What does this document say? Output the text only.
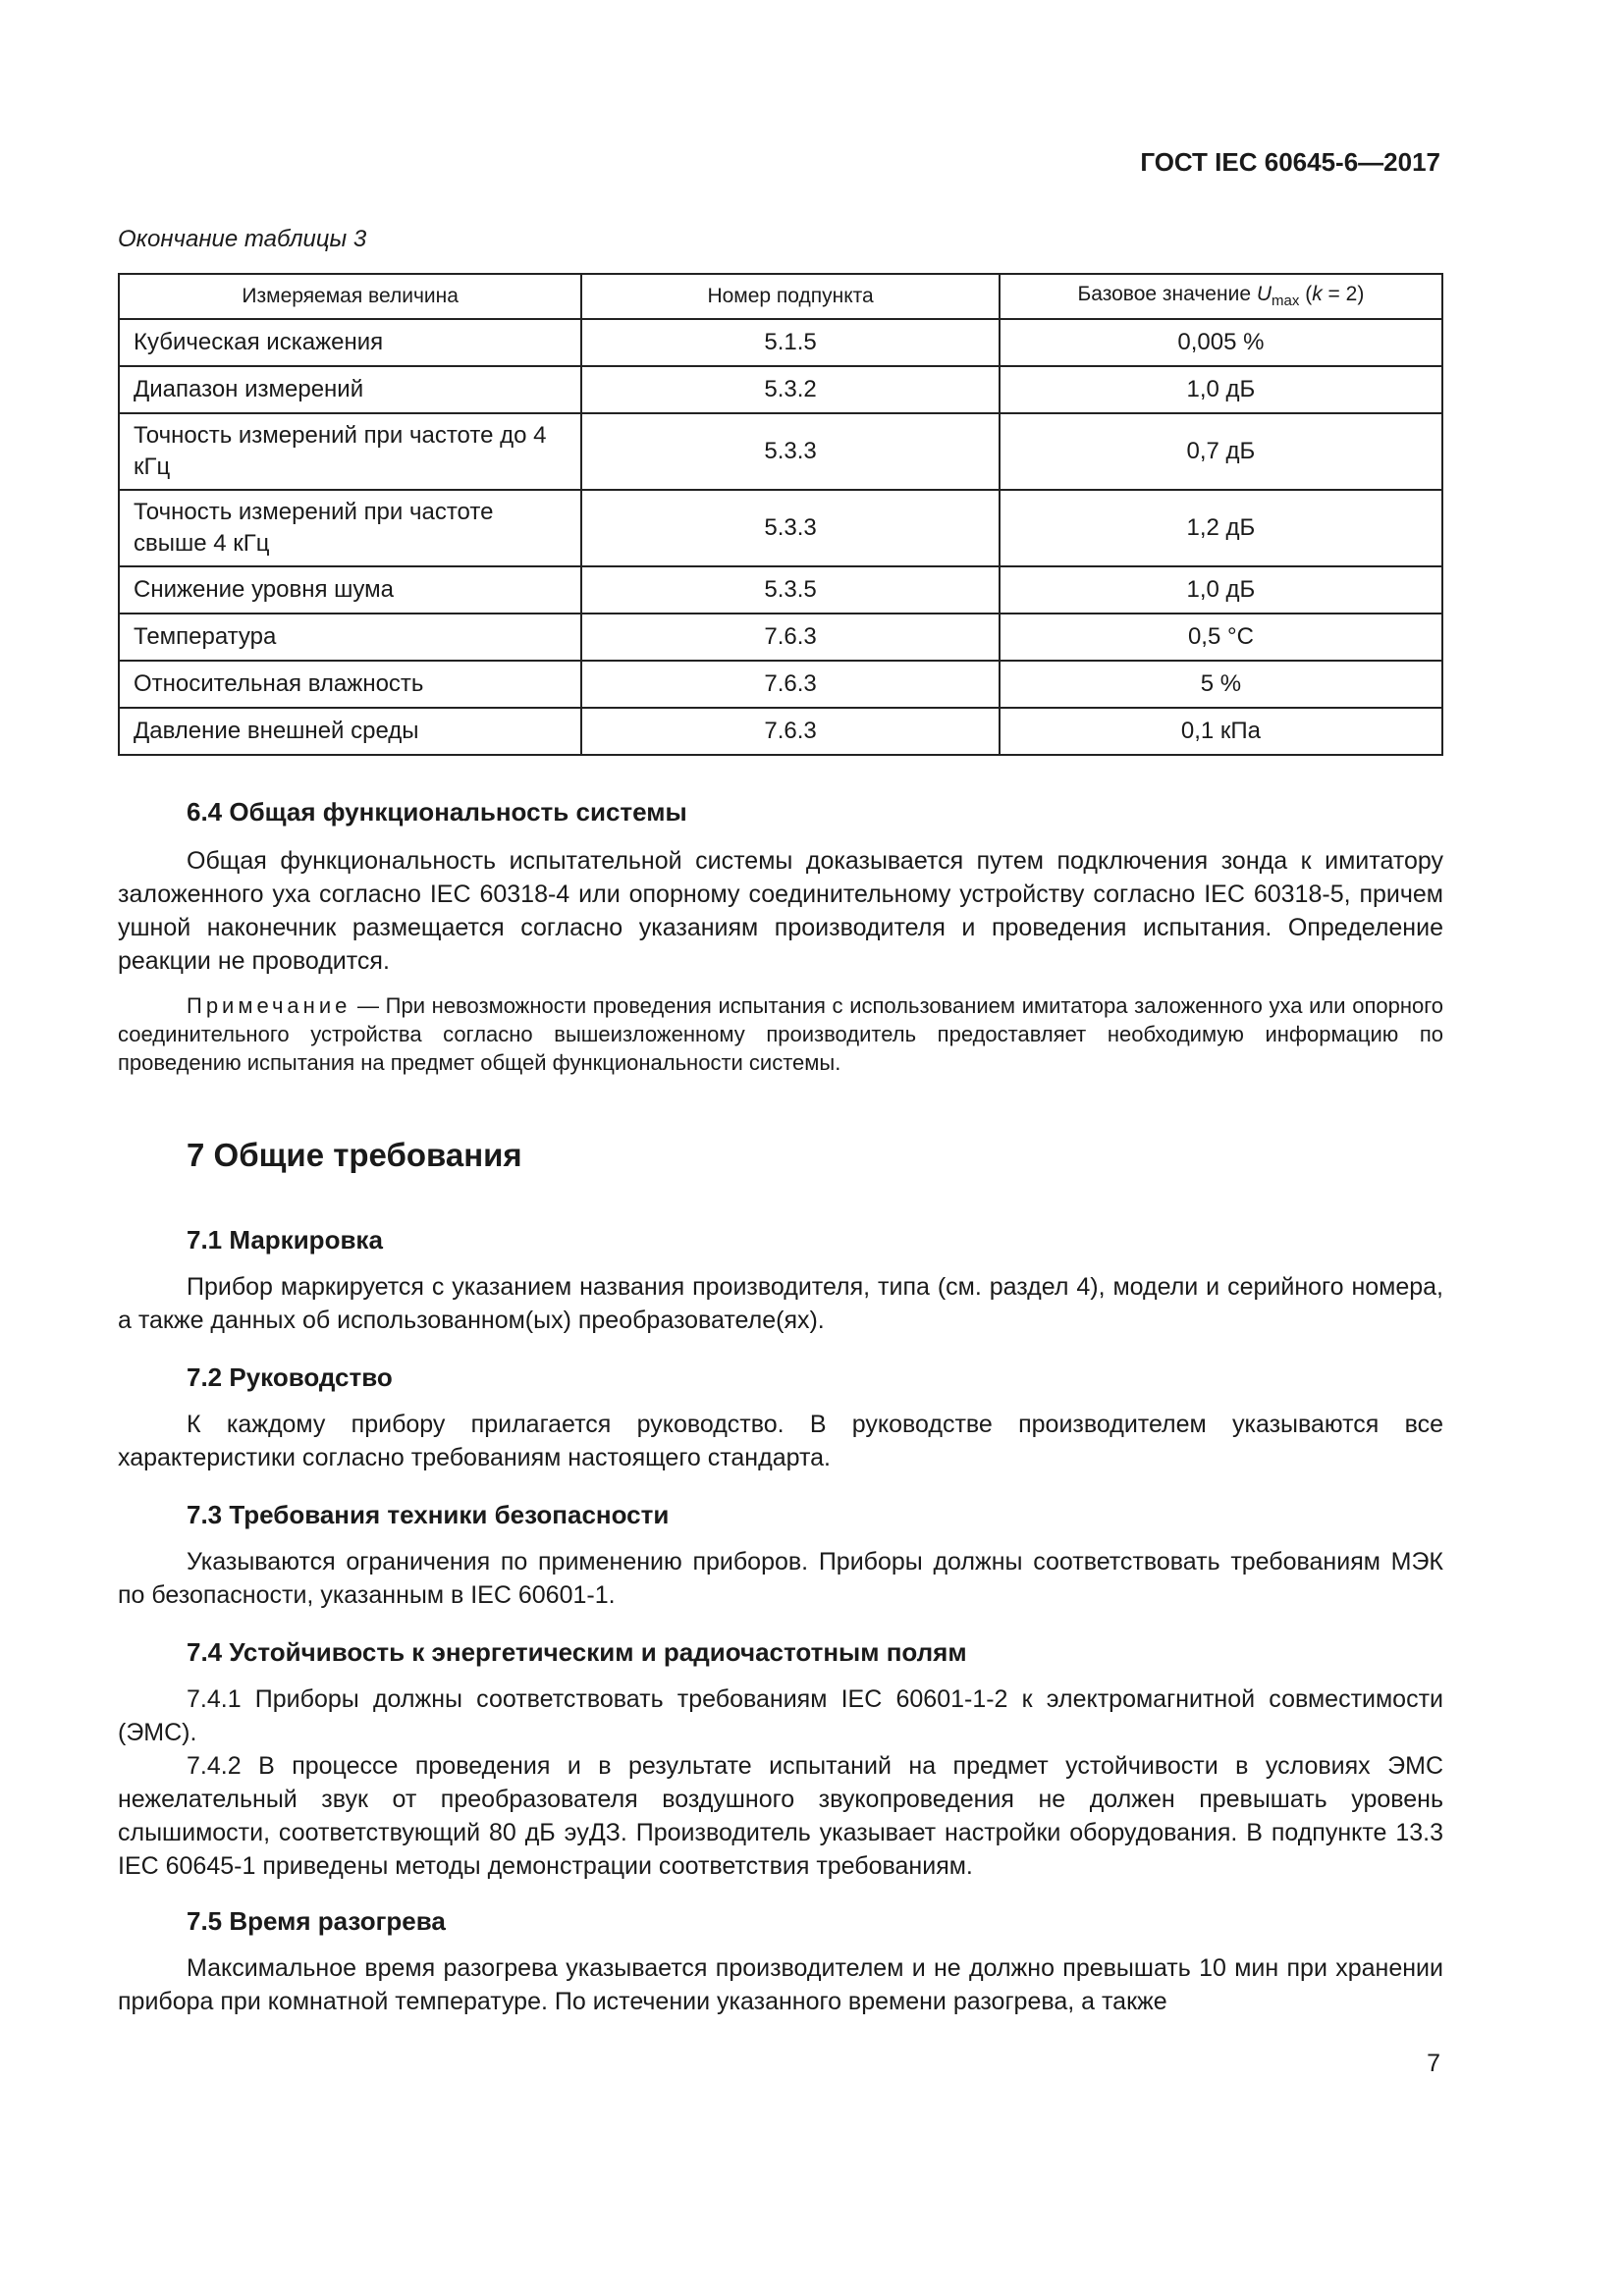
ГОСТ IEC 60645-6—2017
Окончание таблицы 3
Измеряемая величина	Номер подпункта	Базовое значение $U_{max}$ (k = 2)
Кубическая искажения	5.1.5	0,005 %
Диапазон измерений	5.3.2	1,0 дБ
Точность измерений при частоте до 4 кГц	5.3.3	0,7 дБ
Точность измерений при частоте свыше 4 кГц	5.3.3	1,2 дБ
Снижение уровня шума	5.3.5	1,0 дБ
Температура	7.6.3	0,5 °С
Относительная влажность	7.6.3	5 %
Давление внешней среды	7.6.3	0,1 кПа
6.4 Общая функциональность системы

Общая функциональность испытательной системы доказывается путем подключения зонда к имитатору заложенного уха согласно IEC 60318-4 или опорному соединительному устройству согласно IEC 60318-5, причем ушной наконечник размещается согласно указаниям производителя и проведения испытания. Определение реакции не проводится.

Примечание — При невозможности проведения испытания с использованием имитатора заложенного уха или опорного соединительного устройства согласно вышеизложенному производитель предоставляет необходимую информацию по проведению испытания на предмет общей функциональности системы.

7 Общие требования
7.1 Маркировка

Прибор маркируется с указанием названия производителя, типа (см. раздел 4), модели и серийного номера, а также данных об использованном(ых) преобразователе(ях).

7.2 Руководство

К каждому прибору прилагается руководство. В руководстве производителем указываются все характеристики согласно требованиям настоящего стандарта.

7.3 Требования техники безопасности

Указываются ограничения по применению приборов. Приборы должны соответствовать требованиям МЭК по безопасности, указанным в IEC 60601-1.

7.4 Устойчивость к энергетическим и радиочастотным полям

7.4.1 Приборы должны соответствовать требованиям IEC 60601-1-2 к электромагнитной совместимости (ЭМС).

7.4.2 В процессе проведения и в результате испытаний на предмет устойчивости в условиях ЭМС нежелательный звук от преобразователя воздушного звукопроведения не должен превышать уровень слышимости, соответствующий 80 дБ эуДЗ. Производитель указывает настройки оборудования. В подпункте 13.3 IEC 60645-1 приведены методы демонстрации соответствия требованиям.

7.5 Время разогрева

Максимальное время разогрева указывается производителем и не должно превышать 10 мин при хранении прибора при комнатной температуре. По истечении указанного времени разогрева, а также

7
